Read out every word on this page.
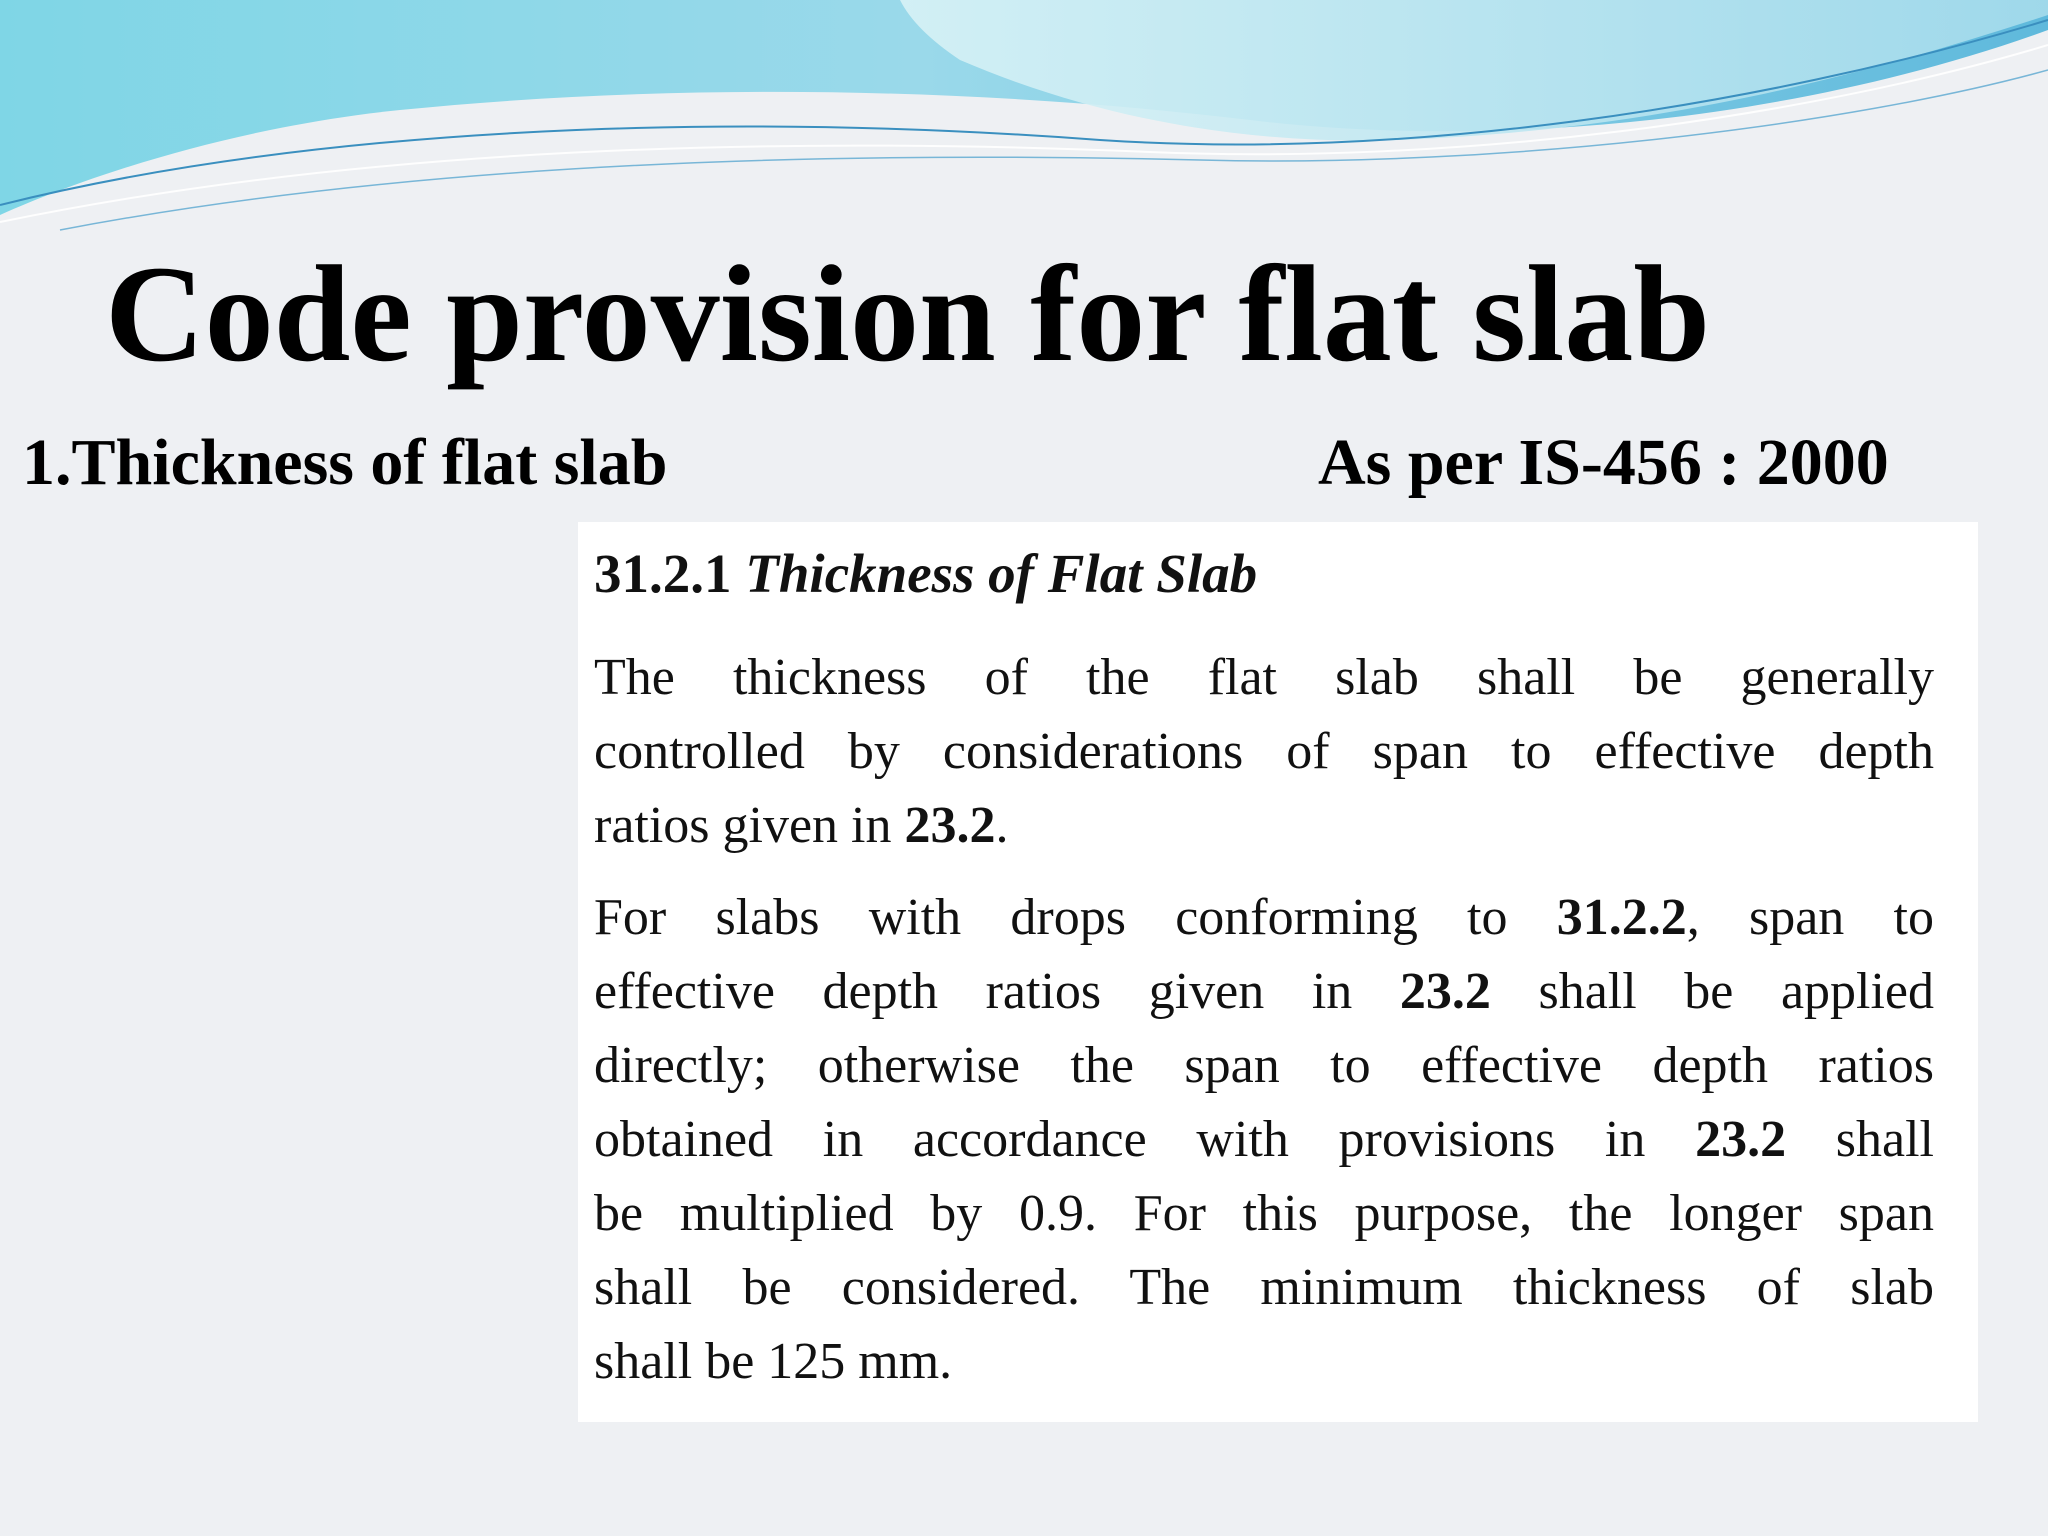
Code provision for flat slab
1.Thickness of flat slab	As per IS-456 : 2000
31.2.1 Thickness of Flat Slab
The thickness of the flat slab shall be generally
controlled by considerations of span to effective depth
ratios given in 23.2.
For slabs with drops conforming to 31.2.2, span to
effective depth ratios given in 23.2 shall be applied
directly; otherwise the span to effective depth ratios
obtained in accordance with provisions in 23.2 shall
be multiplied by 0.9. For this purpose, the longer span
shall be considered. The minimum thickness of slab
shall be 125 mm.
